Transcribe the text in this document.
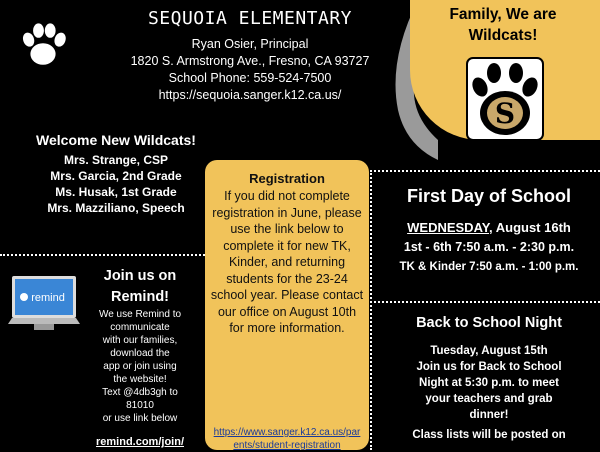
SEQUOIA ELEMENTARY
Ryan Osier, Principal
1820 S. Armstrong Ave., Fresno, CA 93727
School Phone: 559-524-7500
https://sequoia.sanger.k12.ca.us/
Family, We are
Wildcats!
S
Welcome New Wildcats!
Mrs. Strange, CSP
Mrs. Garcia, 2nd Grade
Ms. Husak, 1st Grade
Mrs. Mazziliano, Speech
Registration
If you did not complete registration in June, please use the link below to complete it for new TK, Kinder, and returning students for the 23-24 school year. Please contact our office on August 10th for more information.
https://www.sanger.k12.ca.us/parents/student-registration
First Day of School
WEDNESDAY, August 16th
1st - 6th 7:50 a.m. - 2:30 p.m.
TK & Kinder 7:50 a.m. - 1:00 p.m.
Back to School Night
Tuesday, August 15th
Join us for Back to School
Night at 5:30 p.m. to meet
your teachers and grab
dinner!
Class lists will be posted on
remind
Join us on
Remind!
We use Remind to
communicate
with our families,
download the
app or join using
the website!
Text @4db3gh to
81010
or use link below
remind.com/join/
